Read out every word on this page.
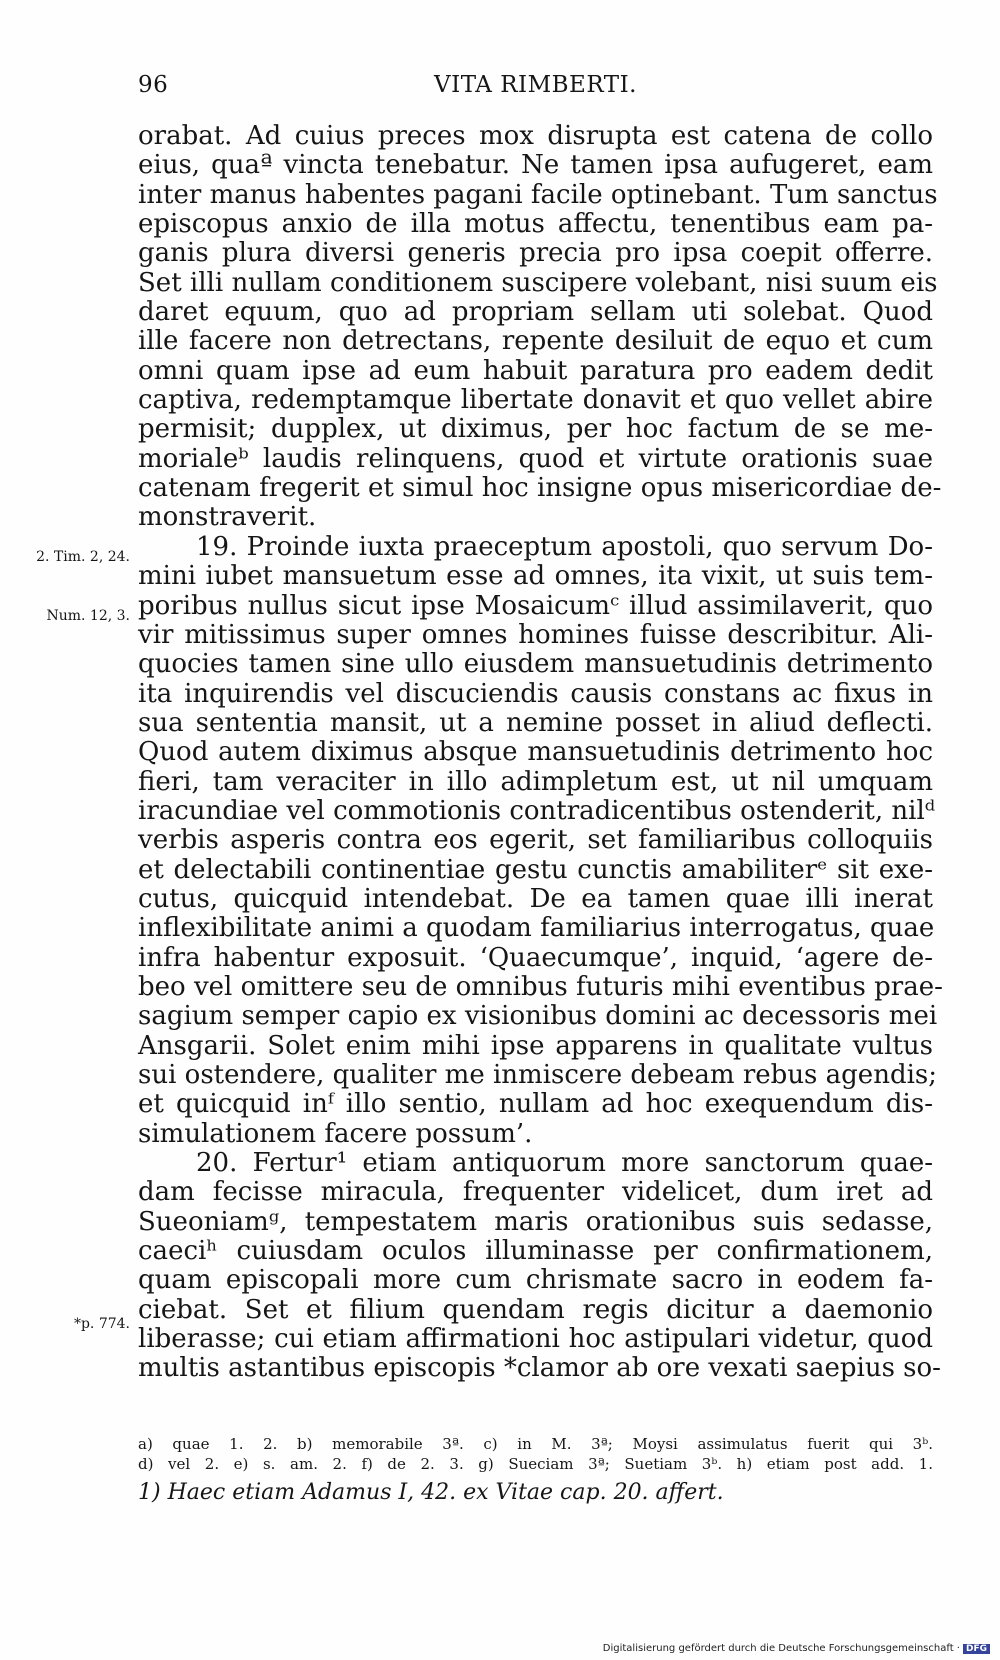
96	VITA RIMBERTI.
2. Tim. 2, 24.
Num. 12, 3.
*p. 774.
orabat. Ad cuius preces mox disrupta est catena de collo
eius, quaª vincta tenebatur. Ne tamen ipsa aufugeret, eam
inter manus habentes pagani facile optinebant. Tum sanctus
episcopus anxio de illa motus affectu, tenentibus eam pa-
ganis plura diversi generis precia pro ipsa coepit offerre.
Set illi nullam conditionem suscipere volebant, nisi suum eis
daret equum, quo ad propriam sellam uti solebat. Quod
ille facere non detrectans, repente desiluit de equo et cum
omni quam ipse ad eum habuit paratura pro eadem dedit
captiva, redemptamque libertate donavit et quo vellet abire
permisit; dupplex, ut diximus, per hoc factum de se me-
morialeᵇ laudis relinquens, quod et virtute orationis suae
catenam fregerit et simul hoc insigne opus misericordiae de-
monstraverit.
19. Proinde iuxta praeceptum apostoli, quo servum Do-
mini iubet mansuetum esse ad omnes, ita vixit, ut suis tem-
poribus nullus sicut ipse Mosaicumᶜ illud assimilaverit, quo
vir mitissimus super omnes homines fuisse describitur. Ali-
quocies tamen sine ullo eiusdem mansuetudinis detrimento
ita inquirendis vel discuciendis causis constans ac fixus in
sua sententia mansit, ut a nemine posset in aliud deflecti.
Quod autem diximus absque mansuetudinis detrimento hoc
fieri, tam veraciter in illo adimpletum est, ut nil umquam
iracundiae vel commotionis contradicentibus ostenderit, nilᵈ
verbis asperis contra eos egerit, set familiaribus colloquiis
et delectabili continentiae gestu cunctis amabiliterᵉ sit exe-
cutus, quicquid intendebat. De ea tamen quae illi inerat
inflexibilitate animi a quodam familiarius interrogatus, quae
infra habentur exposuit. ‘Quaecumque’, inquid, ‘agere de-
beo vel omittere seu de omnibus futuris mihi eventibus prae-
sagium semper capio ex visionibus domini ac decessoris mei
Ansgarii. Solet enim mihi ipse apparens in qualitate vultus
sui ostendere, qualiter me inmiscere debeam rebus agendis;
et quicquid inᶠ illo sentio, nullam ad hoc exequendum dis-
simulationem facere possum’.
20. Fertur¹ etiam antiquorum more sanctorum quae-
dam fecisse miracula, frequenter videlicet, dum iret ad
Sueoniamᵍ, tempestatem maris orationibus suis sedasse,
caeciʰ cuiusdam oculos illuminasse per confirmationem,
quam episcopali more cum chrismate sacro in eodem fa-
ciebat. Set et filium quendam regis dicitur a daemonio
liberasse; cui etiam affirmationi hoc astipulari videtur, quod
multis astantibus episcopis *clamor ab ore vexati saepius so-
a) quae 1. 2. b) memorabile 3ª. c) in M. 3ª; Moysi assimulatus fuerit qui 3ᵇ.
d) vel 2. e) s. am. 2. f) de 2. 3. g) Sueciam 3ª; Suetiam 3ᵇ. h) etiam post add. 1.
1) Haec etiam Adamus I, 42. ex Vitae cap. 20. affert.
Digitalisierung gefördert durch die Deutsche Forschungsgemeinschaft · DFG
